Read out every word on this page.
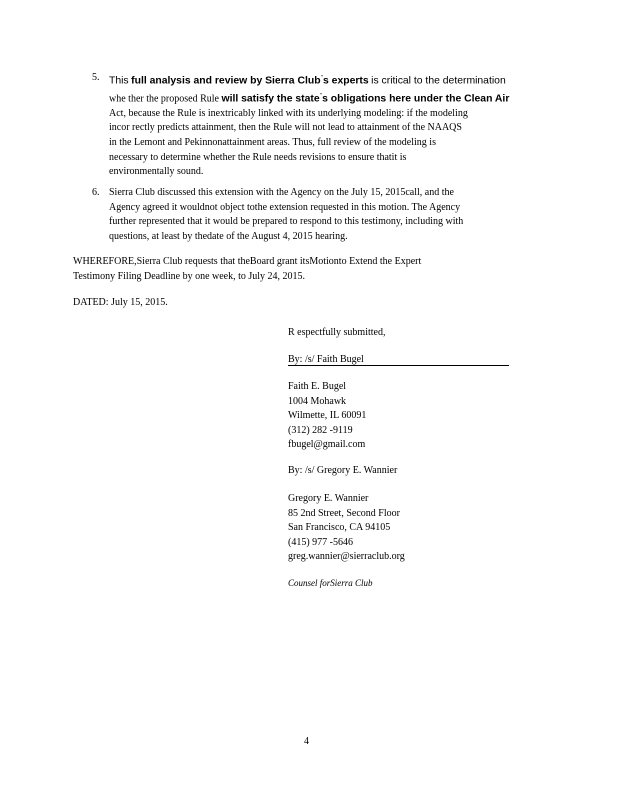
5. This full analysis and review by Sierra Club"s experts is critical to the determination
whe ther the proposed Rule will satisfy the state"s obligations here under the Clean Air
Act, because the Rule is inextricably linked with its underlying modeling: if the modeling
incor rectly predicts attainment, then the Rule will not lead to attainment of the NAAQS
in the Lemont and Pekinnonattainment areas. Thus, full review of the modeling is
necessary to determine whether the Rule needs revisions to ensure thatit is
environmentally sound.
6. Sierra Club discussed this extension with the Agency on the July 15, 2015call, and the
Agency agreed it wouldnot object tothe extension requested in this motion. The Agency
further represented that it would be prepared to respond to this testimony, including with
questions, at least by thedate of the August 4, 2015 hearing.
WHEREFORE,Sierra Club requests that theBoard grant itsMotionto Extend the Expert
Testimony Filing Deadline by one week, to July 24, 2015.
DATED: July 15, 2015.
R espectfully submitted,
By: /s/ Faith Bugel
Faith E. Bugel
1004 Mohawk
Wilmette, IL 60091
(312) 282 -9119
fbugel@gmail.com
By: /s/ Gregory E. Wannier
Gregory E. Wannier
85 2nd Street, Second Floor
San Francisco, CA 94105
(415) 977 -5646
greg.wannier@sierraclub.org
Counsel forSierra Club
4
